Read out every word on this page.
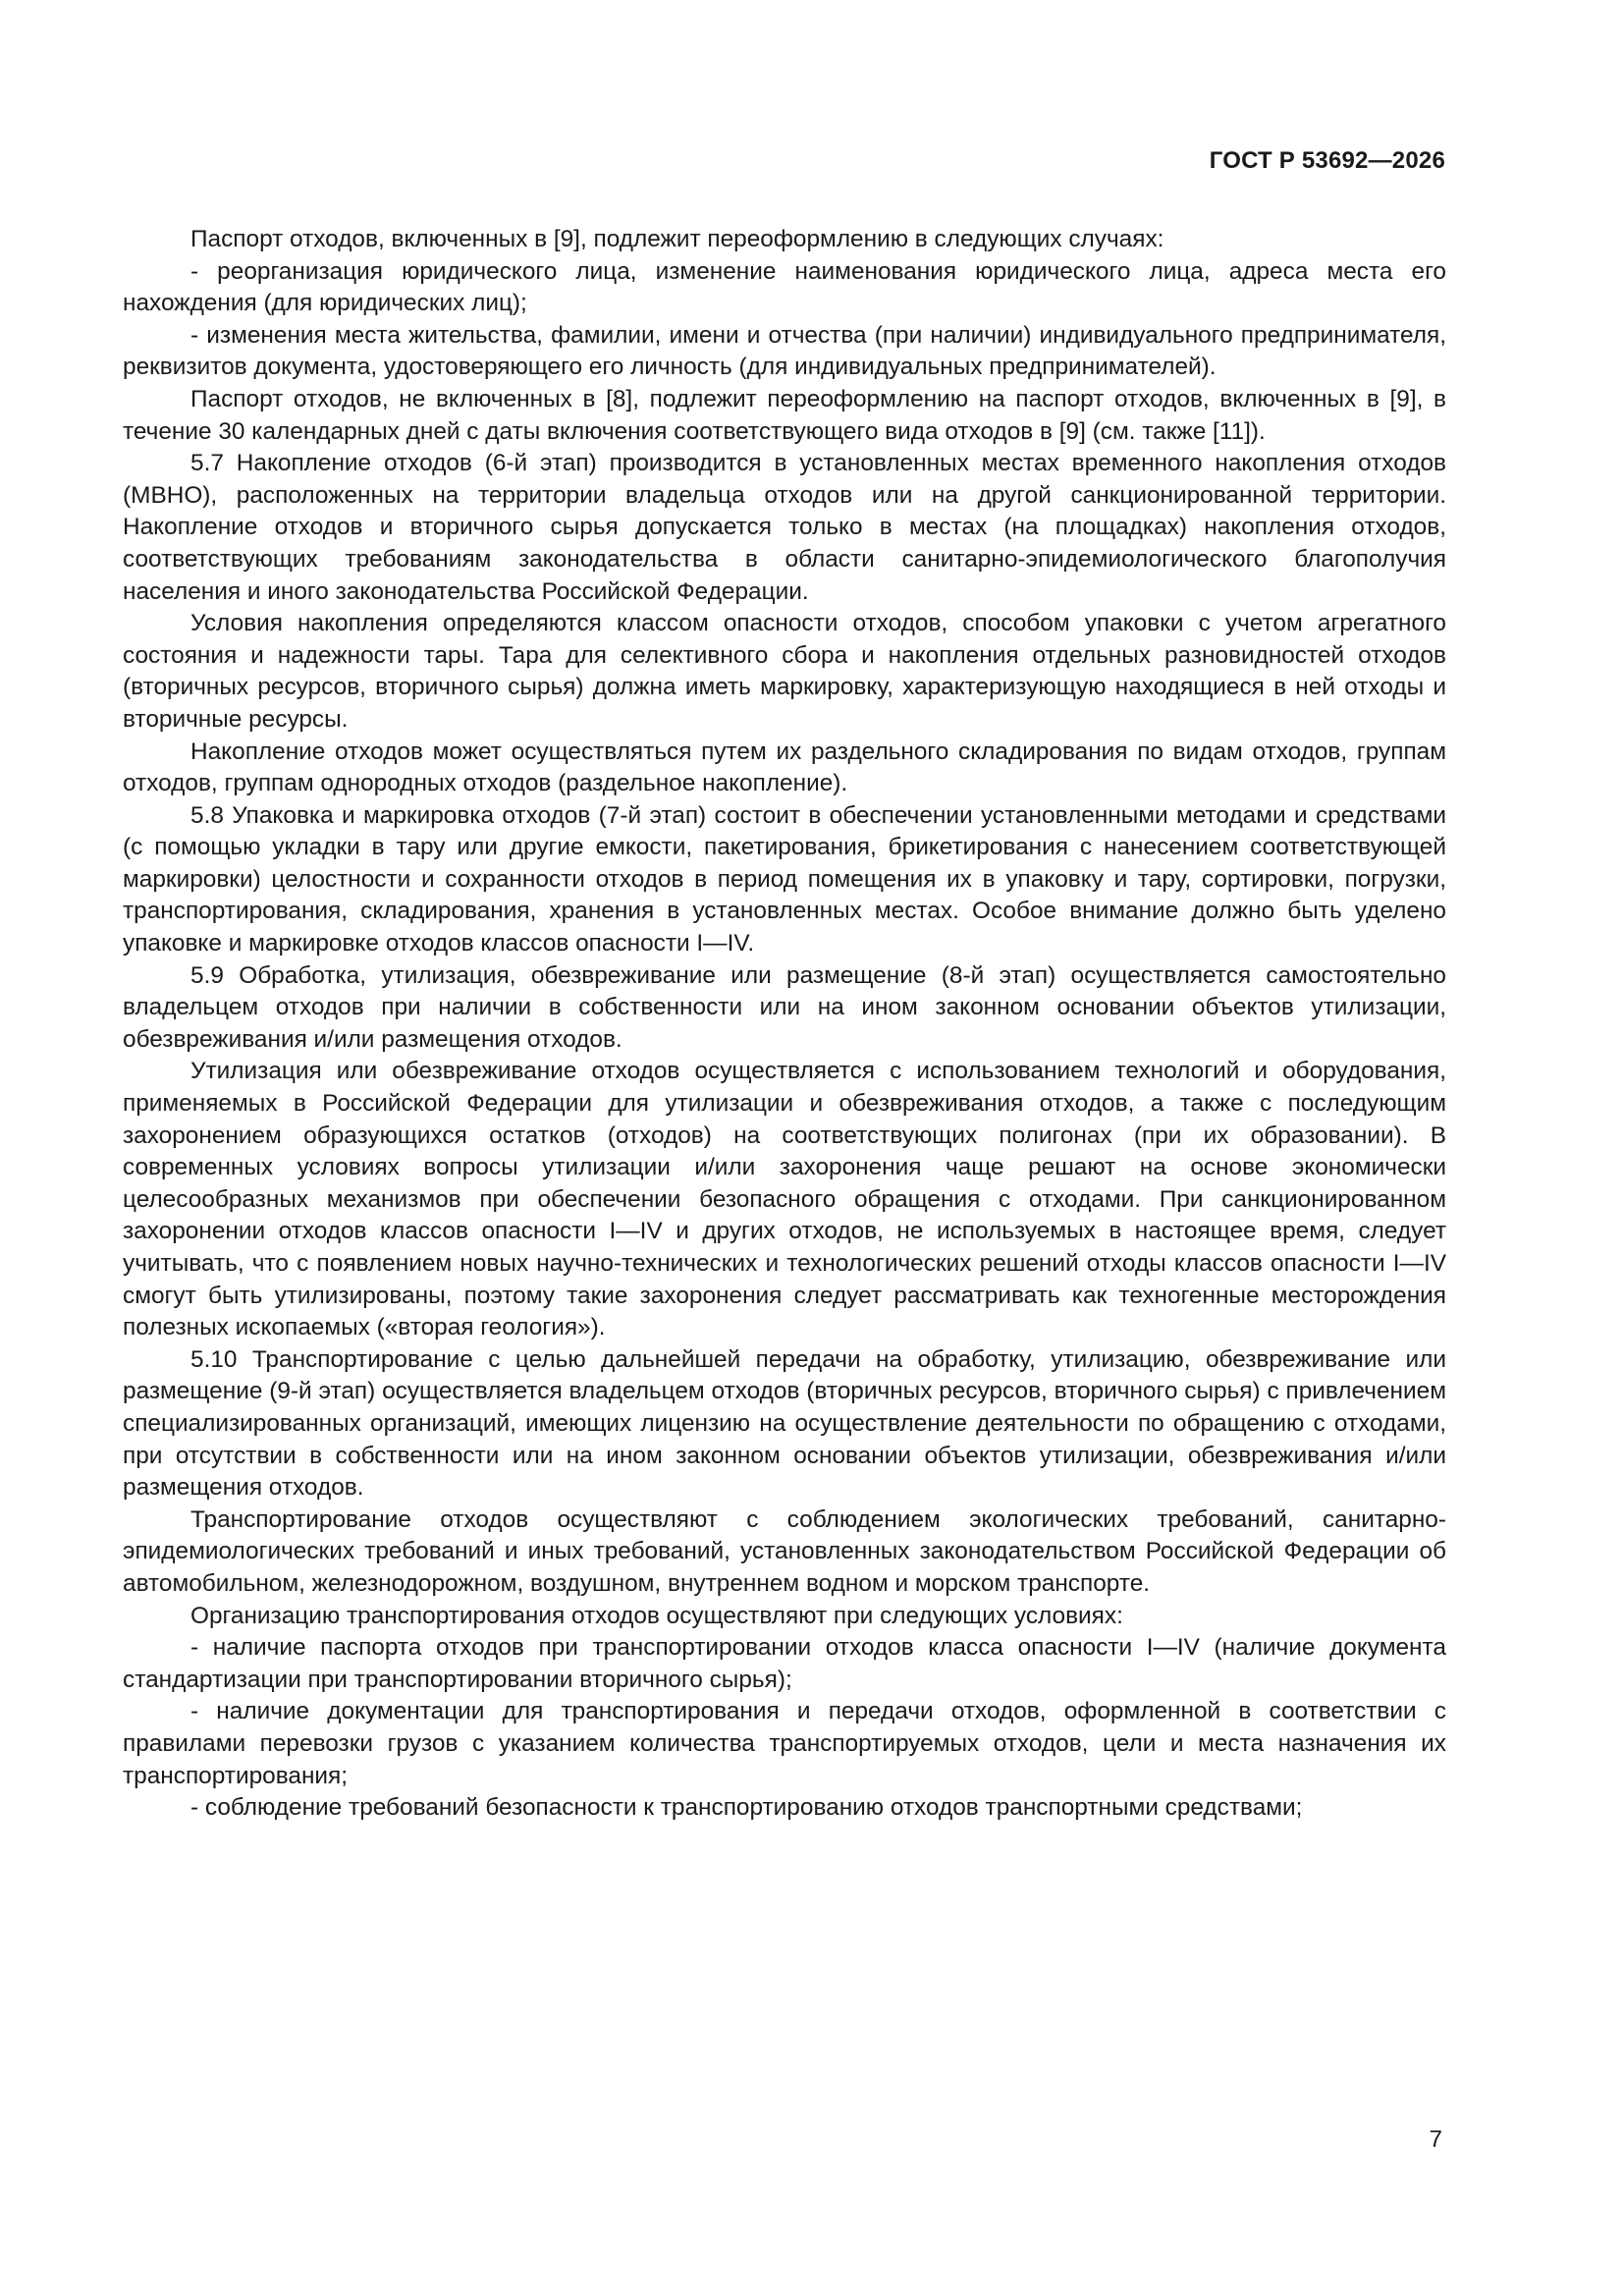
ГОСТ Р 53692—2026

Паспорт отходов, включенных в [9], подлежит переоформлению в следующих случаях:

- реорганизация юридического лица, изменение наименования юридического лица, адреса места его нахождения (для юридических лиц);

- изменения места жительства, фамилии, имени и отчества (при наличии) индивидуального предпринимателя, реквизитов документа, удостоверяющего его личность (для индивидуальных предпринимателей).

Паспорт отходов, не включенных в [8], подлежит переоформлению на паспорт отходов, включенных в [9], в течение 30 календарных дней с даты включения соответствующего вида отходов в [9] (см. также [11]).

5.7 Накопление отходов (6-й этап) производится в установленных местах временного накопления отходов (МВНО), расположенных на территории владельца отходов или на другой санкционированной территории. Накопление отходов и вторичного сырья допускается только в местах (на площадках) накопления отходов, соответствующих требованиям законодательства в области санитарно-эпидемиологического благополучия населения и иного законодательства Российской Федерации.

Условия накопления определяются классом опасности отходов, способом упаковки с учетом агрегатного состояния и надежности тары. Тара для селективного сбора и накопления отдельных разновидностей отходов (вторичных ресурсов, вторичного сырья) должна иметь маркировку, характеризующую находящиеся в ней отходы и вторичные ресурсы.

Накопление отходов может осуществляться путем их раздельного складирования по видам отходов, группам отходов, группам однородных отходов (раздельное накопление).

5.8 Упаковка и маркировка отходов (7-й этап) состоит в обеспечении установленными методами и средствами (с помощью укладки в тару или другие емкости, пакетирования, брикетирования с нанесением соответствующей маркировки) целостности и сохранности отходов в период помещения их в упаковку и тару, сортировки, погрузки, транспортирования, складирования, хранения в установленных местах. Особое внимание должно быть уделено упаковке и маркировке отходов классов опасности I—IV.

5.9 Обработка, утилизация, обезвреживание или размещение (8-й этап) осуществляется самостоятельно владельцем отходов при наличии в собственности или на ином законном основании объектов утилизации, обезвреживания и/или размещения отходов.

Утилизация или обезвреживание отходов осуществляется с использованием технологий и оборудования, применяемых в Российской Федерации для утилизации и обезвреживания отходов, а также с последующим захоронением образующихся остатков (отходов) на соответствующих полигонах (при их образовании). В современных условиях вопросы утилизации и/или захоронения чаще решают на основе экономически целесообразных механизмов при обеспечении безопасного обращения с отходами. При санкционированном захоронении отходов классов опасности I—IV и других отходов, не используемых в настоящее время, следует учитывать, что с появлением новых научно-технических и технологических решений отходы классов опасности I—IV смогут быть утилизированы, поэтому такие захоронения следует рассматривать как техногенные месторождения полезных ископаемых («вторая геология»).

5.10 Транспортирование с целью дальнейшей передачи на обработку, утилизацию, обезвреживание или размещение (9-й этап) осуществляется владельцем отходов (вторичных ресурсов, вторичного сырья) с привлечением специализированных организаций, имеющих лицензию на осуществление деятельности по обращению с отходами, при отсутствии в собственности или на ином законном основании объектов утилизации, обезвреживания и/или размещения отходов.

Транспортирование отходов осуществляют с соблюдением экологических требований, санитарно-эпидемиологических требований и иных требований, установленных законодательством Российской Федерации об автомобильном, железнодорожном, воздушном, внутреннем водном и морском транспорте.

Организацию транспортирования отходов осуществляют при следующих условиях:

- наличие паспорта отходов при транспортировании отходов класса опасности I—IV (наличие документа стандартизации при транспортировании вторичного сырья);

- наличие документации для транспортирования и передачи отходов, оформленной в соответствии с правилами перевозки грузов с указанием количества транспортируемых отходов, цели и места назначения их транспортирования;

- соблюдение требований безопасности к транспортированию отходов транспортными средствами;

7
